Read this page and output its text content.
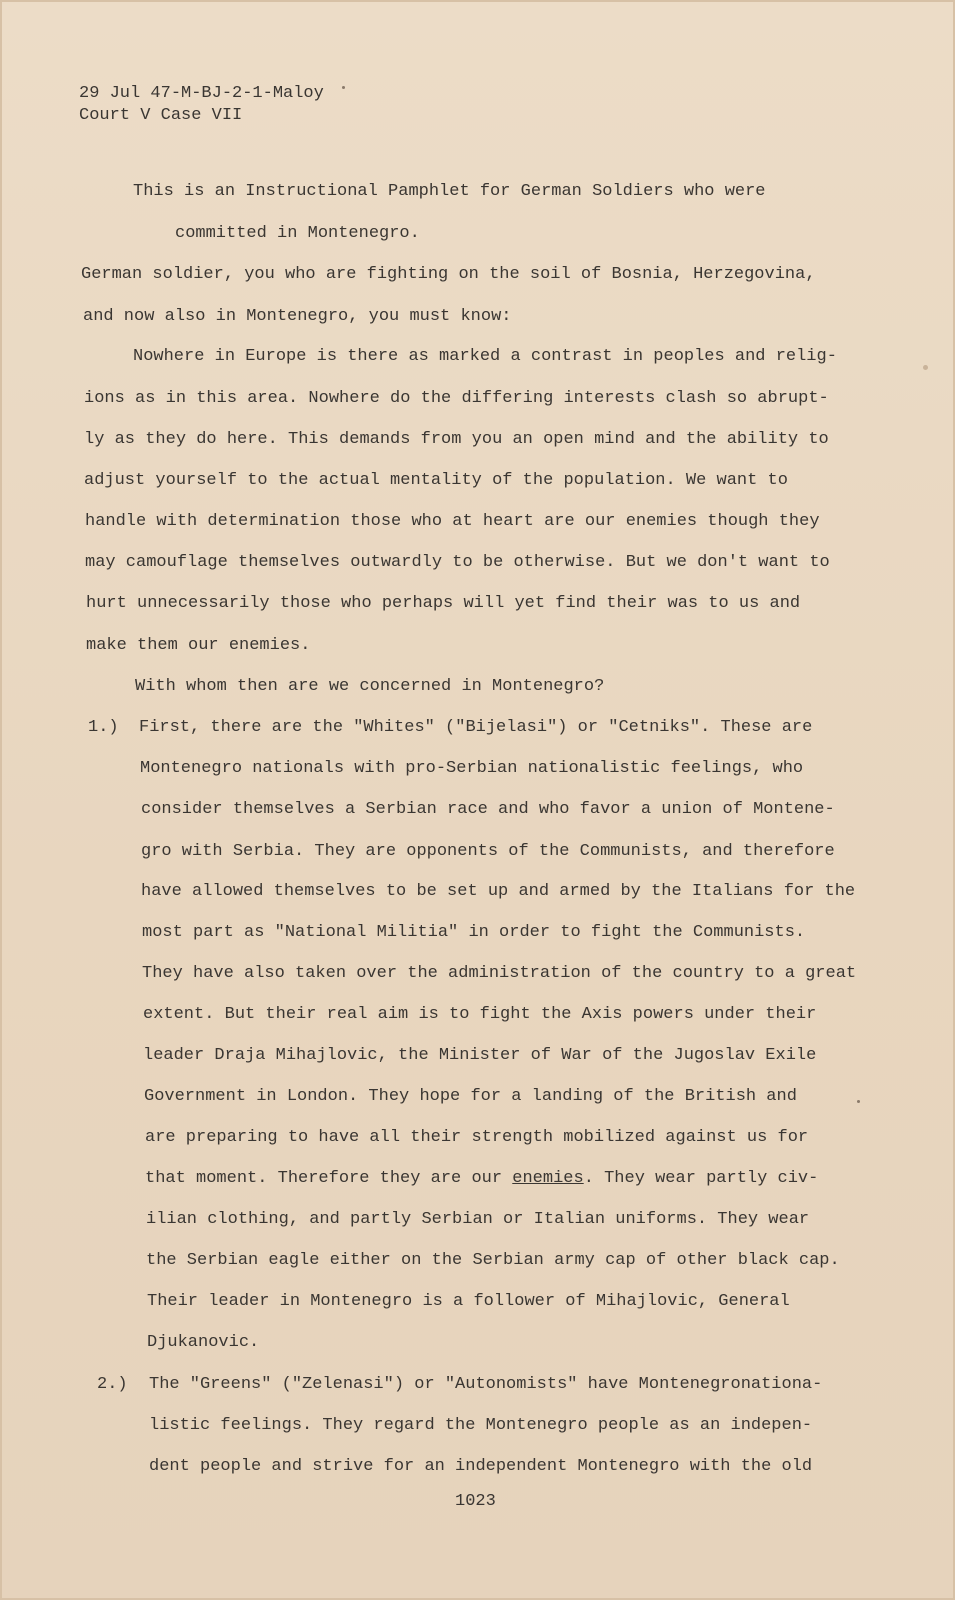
29 Jul 47-M-BJ-2-1-Maloy
Court V Case VII
This is an Instructional Pamphlet for German Soldiers who were
committed in Montenegro.
German soldier, you who are fighting on the soil of Bosnia, Herzegovina,
and now also in Montenegro, you must know:
Nowhere in Europe is there as marked a contrast in peoples and relig-
ions as in this area. Nowhere do the differing interests clash so abrupt-
ly as they do here. This demands from you an open mind and the ability to
adjust yourself to the actual mentality of the population. We want to
handle with determination those who at heart are our enemies though they
may camouflage themselves outwardly to be otherwise. But we don't want to
hurt unnecessarily those who perhaps will yet find their was to us and
make them our enemies.
With whom then are we concerned in Montenegro?
1.) First, there are the "Whites" ("Bijelasi") or "Cetniks". These are
Montenegro nationals with pro-Serbian nationalistic feelings, who
consider themselves a Serbian race and who favor a union of Montene-
gro with Serbia. They are opponents of the Communists, and therefore
have allowed themselves to be set up and armed by the Italians for the
most part as "National Militia" in order to fight the Communists.
They have also taken over the administration of the country to a great
extent. But their real aim is to fight the Axis powers under their
leader Draja Mihajlovic, the Minister of War of the Jugoslav Exile
Government in London. They hope for a landing of the British and
are preparing to have all their strength mobilized against us for
that moment. Therefore they are our enemies. They wear partly civ-
ilian clothing, and partly Serbian or Italian uniforms. They wear
the Serbian eagle either on the Serbian army cap of other black cap.
Their leader in Montenegro is a follower of Mihajlovic, General
Djukanovic.
2.) The "Greens" ("Zelenasi") or "Autonomists" have Montenegronationa-
listic feelings. They regard the Montenegro people as an indepen-
dent people and strive for an independent Montenegro with the old
1023
